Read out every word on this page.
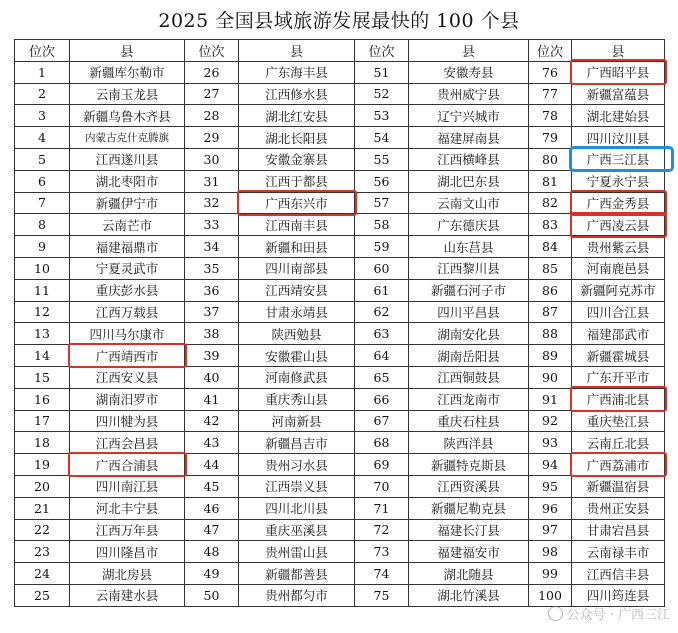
2025 全国县域旅游发展最快的 100 个县
位次	县	位次	县	位次	县	位次	县
1	新疆库尔勒市	26	广东海丰县	51	安徽寿县	76	广西昭平县
2	云南玉龙县	27	江西修水县	52	贵州威宁县	77	新疆富蕴县
3	新疆乌鲁木齐县	28	湖北红安县	53	辽宁兴城市	78	湖北建始县
4	内蒙古克什克腾旗	29	湖北长阳县	54	福建屏南县	79	四川汶川县
5	江西遂川县	30	安徽金寨县	55	江西横峰县	80	广西三江县
6	湖北枣阳市	31	江西于都县	56	湖北巴东县	81	宁夏永宁县
7	新疆伊宁市	32	广西东兴市	57	云南文山市	82	广西金秀县
8	云南芒市	33	江西南丰县	58	广东德庆县	83	广西凌云县
9	福建福鼎市	34	新疆和田县	59	山东莒县	84	贵州紫云县
10	宁夏灵武市	35	四川南部县	60	江西黎川县	85	河南鹿邑县
11	重庆彭水县	36	江西靖安县	61	新疆石河子市	86	新疆阿克苏市
12	江西万载县	37	甘肃永靖县	62	四川平昌县	87	四川合江县
13	四川马尔康市	38	陕西勉县	63	湖南安化县	88	福建邵武市
14	广西靖西市	39	安徽霍山县	64	湖南岳阳县	89	新疆霍城县
15	江西安义县	40	河南修武县	65	江西铜鼓县	90	广东开平市
16	湖南汨罗市	41	重庆秀山县	66	江西龙南市	91	广西浦北县
17	四川犍为县	42	河南新县	67	重庆石柱县	92	重庆垫江县
18	江西会昌县	43	新疆昌吉市	68	陕西洋县	93	云南丘北县
19	广西合浦县	44	贵州习水县	69	新疆特克斯县	94	广西荔浦市
20	四川南江县	45	江西崇义县	70	江西资溪县	95	新疆温宿县
21	河北丰宁县	46	四川北川县	71	新疆尼勒克县	96	贵州正安县
22	江西万年县	47	重庆巫溪县	72	福建长汀县	97	甘肃宕昌县
23	四川隆昌市	48	贵州雷山县	73	福建福安市	98	云南禄丰市
24	湖北房县	49	新疆都善县	74	湖北随县	99	江西信丰县
25	云南建水县	50	贵州都匀市	75	湖北竹溪县	100	四川筠连县
公众号 · 广西三江
